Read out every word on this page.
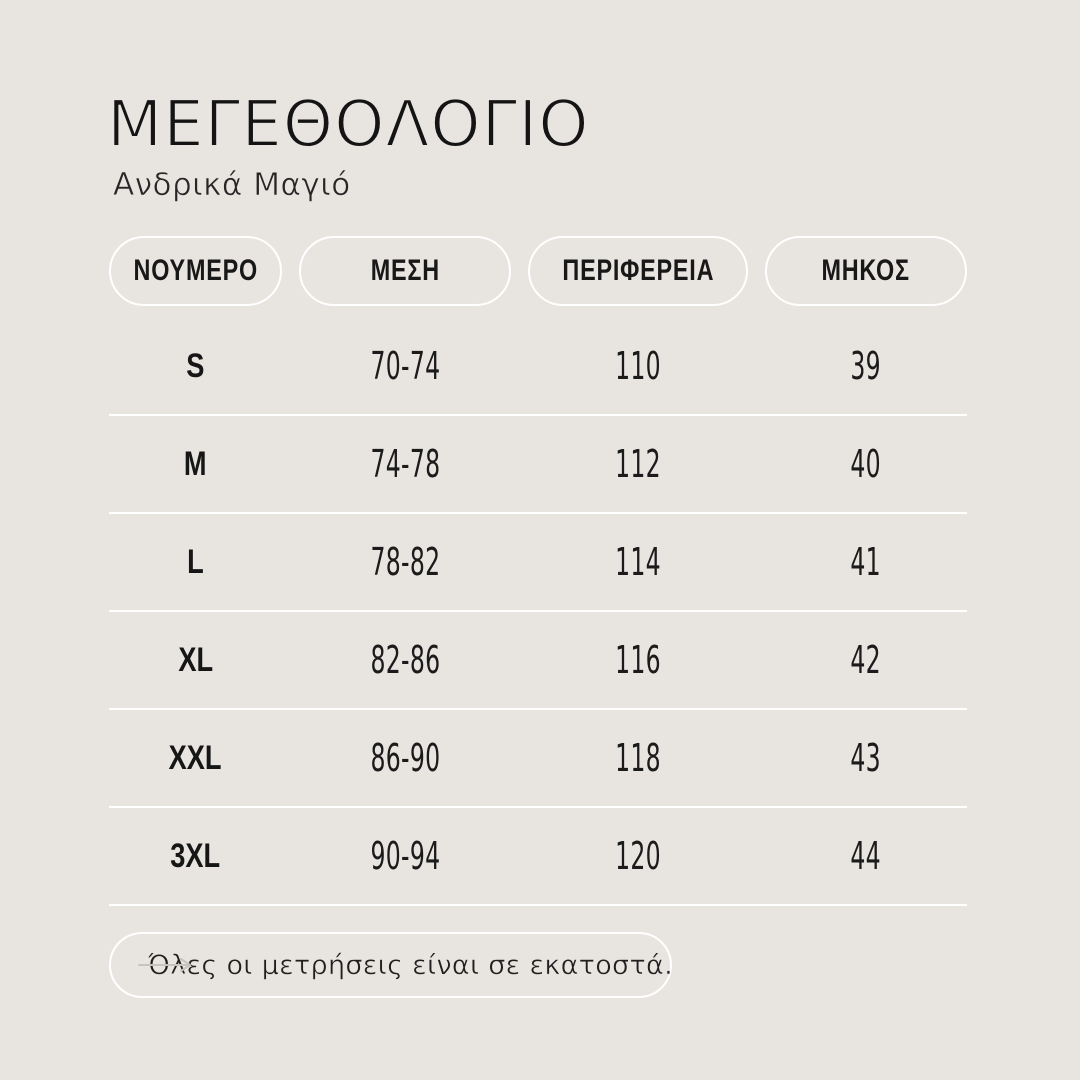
ΜΕΓΕΘΟΛΟΓΙΟ
Ανδρικά Μαγιό
ΝΟΥΜΕΡΟ	ΜΕΣΗ	ΠΕΡΙΦΕΡΕΙΑ	ΜΗΚΟΣ
S	70-74	110	39
M	74-78	112	40
L	78-82	114	41
XL	82-86	116	42
XXL	86-90	118	43
3XL	90-94	120	44
Όλες οι μετρήσεις είναι σε εκατοστά.
